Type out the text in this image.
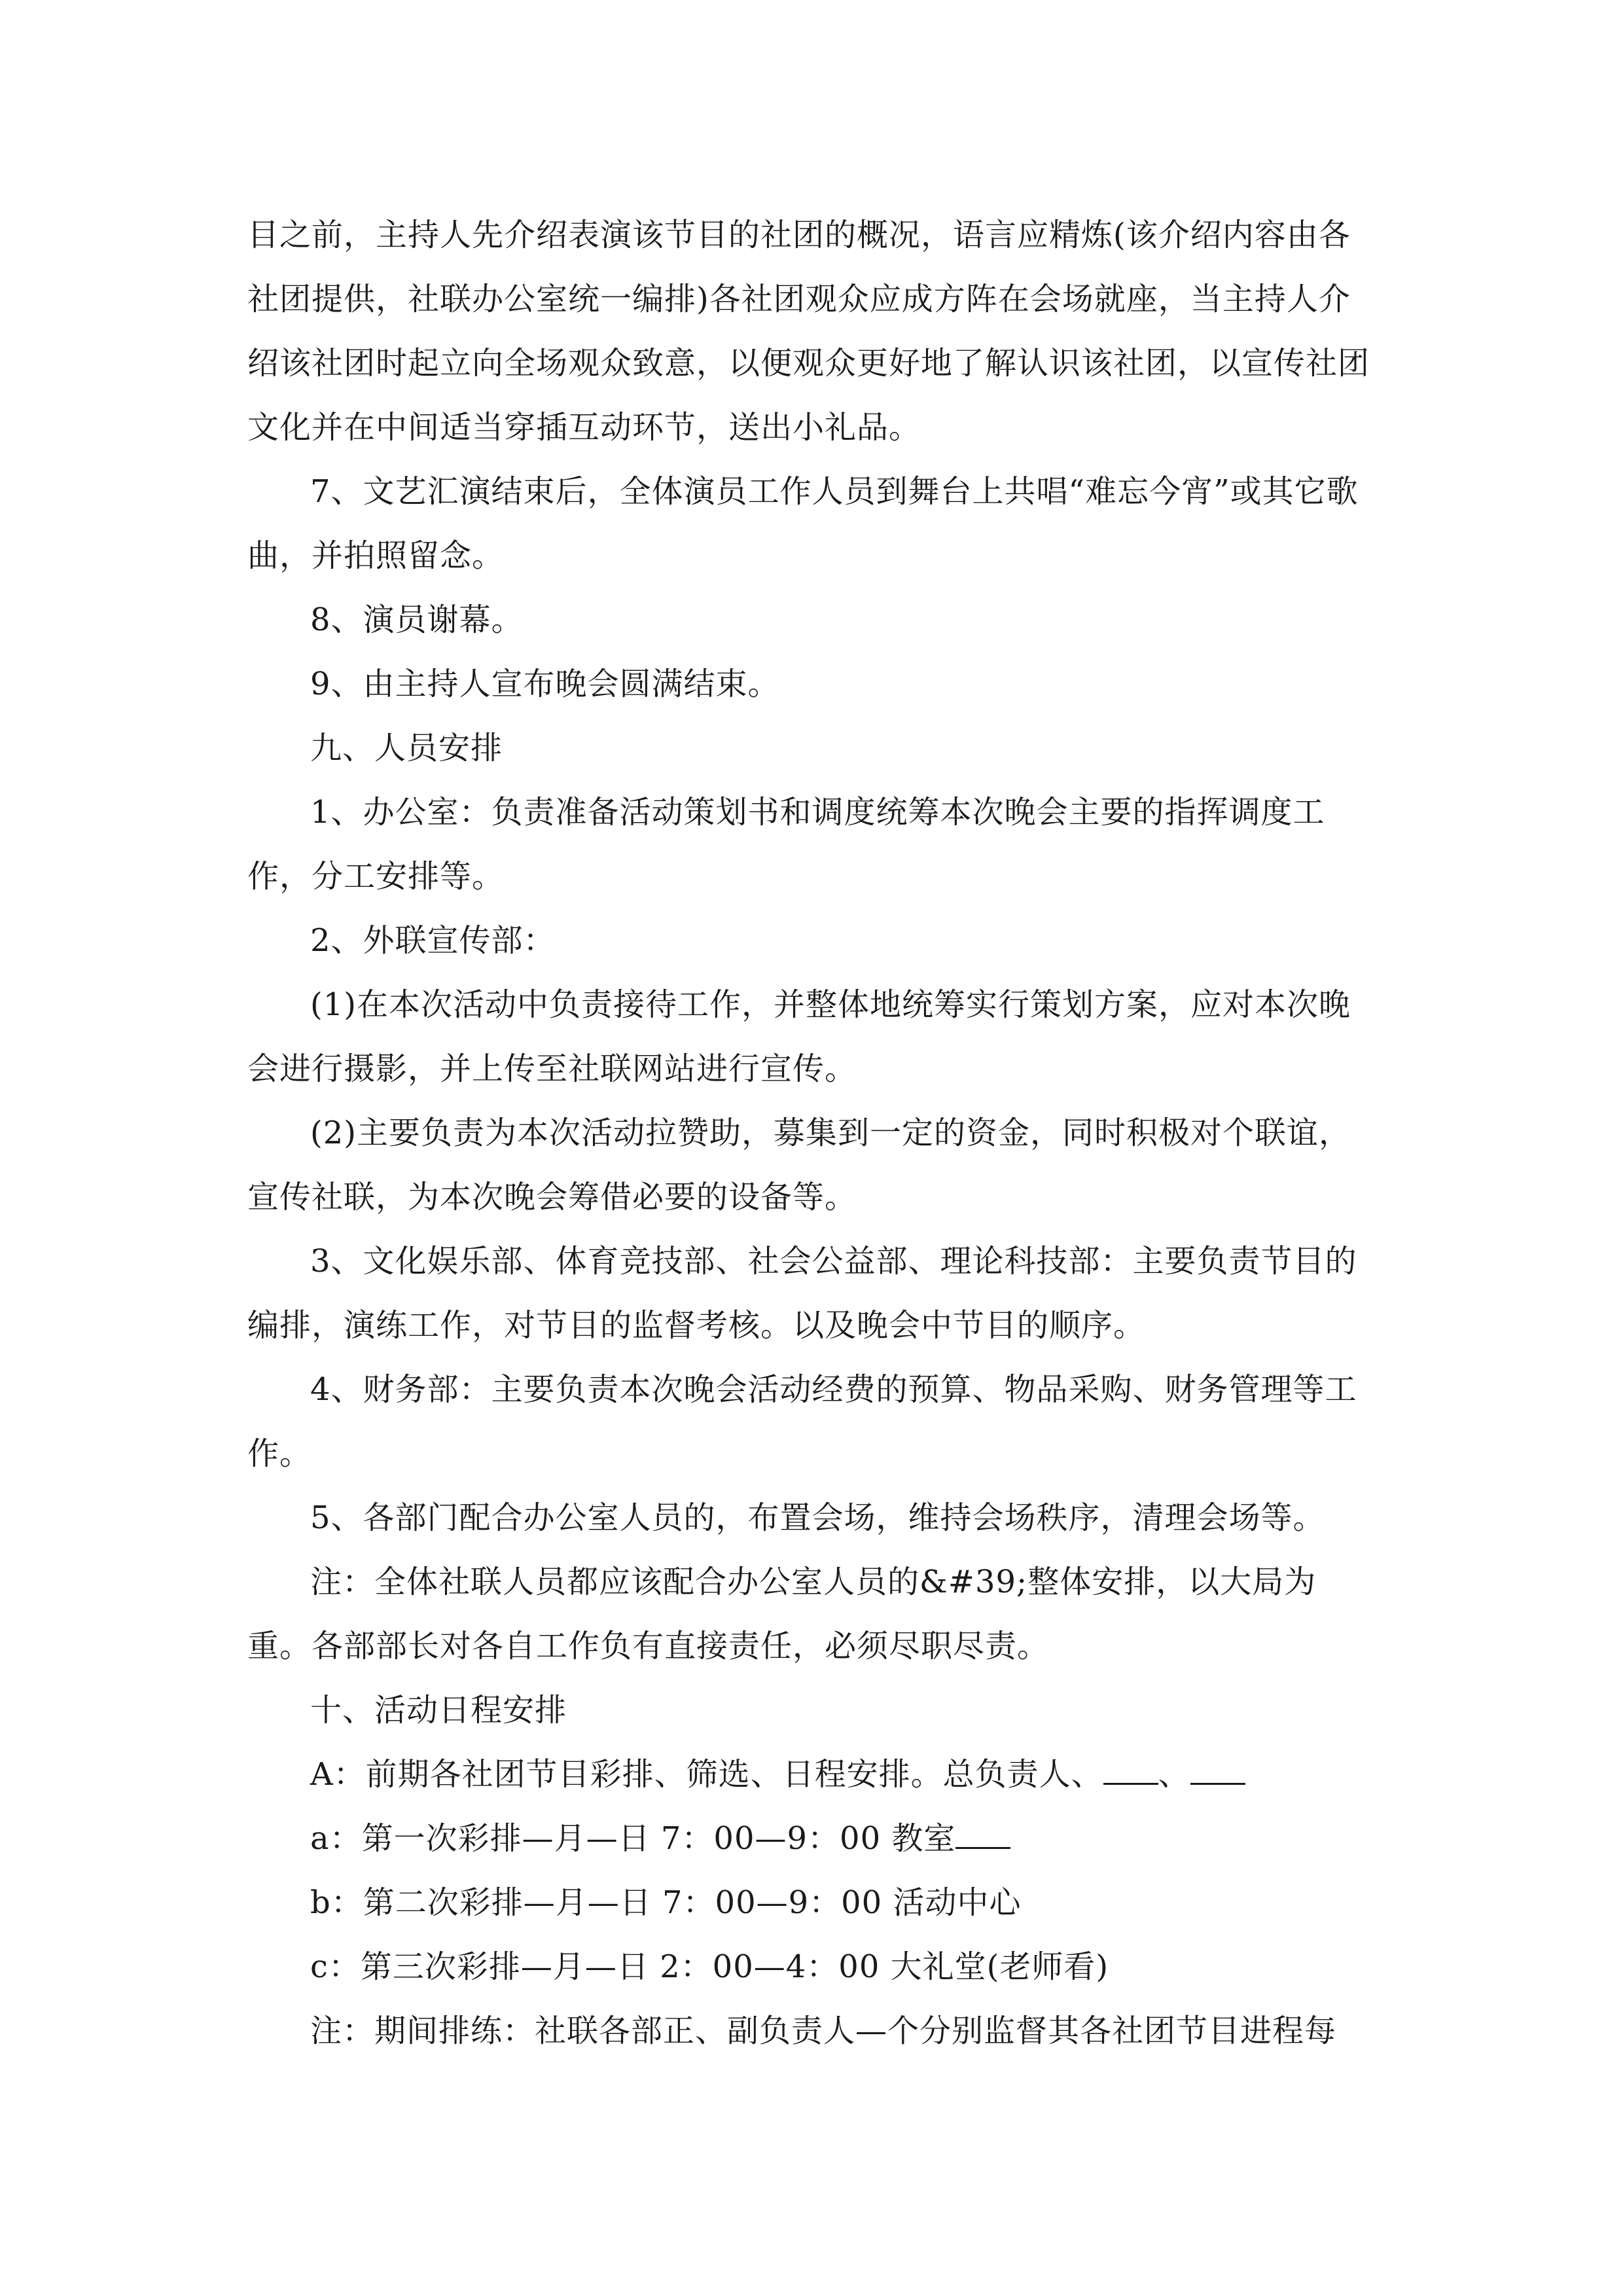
目之前，主持人先介绍表演该节目的社团的概况，语言应精炼(该介绍内容由各社团提供，社联办公室统一编排)各社团观众应成方阵在会场就座，当主持人介绍该社团时起立向全场观众致意，以便观众更好地了解认识该社团，以宣传社团文化并在中间适当穿插互动环节，送出小礼品。

7、文艺汇演结束后，全体演员工作人员到舞台上共唱“难忘今宵”或其它歌曲，并拍照留念。

8、演员谢幕。

9、由主持人宣布晚会圆满结束。

九、人员安排

1、办公室：负责准备活动策划书和调度统筹本次晚会主要的指挥调度工作，分工安排等。

2、外联宣传部：

(1)在本次活动中负责接待工作，并整体地统筹实行策划方案，应对本次晚会进行摄影，并上传至社联网站进行宣传。

(2)主要负责为本次活动拉赞助，募集到一定的资金，同时积极对个联谊，宣传社联，为本次晚会筹借必要的设备等。

3、文化娱乐部、体育竞技部、社会公益部、理论科技部：主要负责节目的编排，演练工作，对节目的监督考核。以及晚会中节目的顺序。

4、财务部：主要负责本次晚会活动经费的预算、物品采购、财务管理等工作。

5、各部门配合办公室人员的，布置会场，维持会场秩序，清理会场等。

注：全体社联人员都应该配合办公室人员的&#39;整体安排，以大局为重。各部部长对各自工作负有直接责任，必须尽职尽责。

十、活动日程安排

A：前期各社团节目彩排、筛选、日程安排。总负责人、 、

a：第一次彩排—月—日 7：00—9：00 教室

b：第二次彩排—月—日 7：00—9：00 活动中心

c：第三次彩排—月—日 2：00—4：00 大礼堂(老师看)

注：期间排练：社联各部正、副负责人—个分别监督其各社团节目进程每
